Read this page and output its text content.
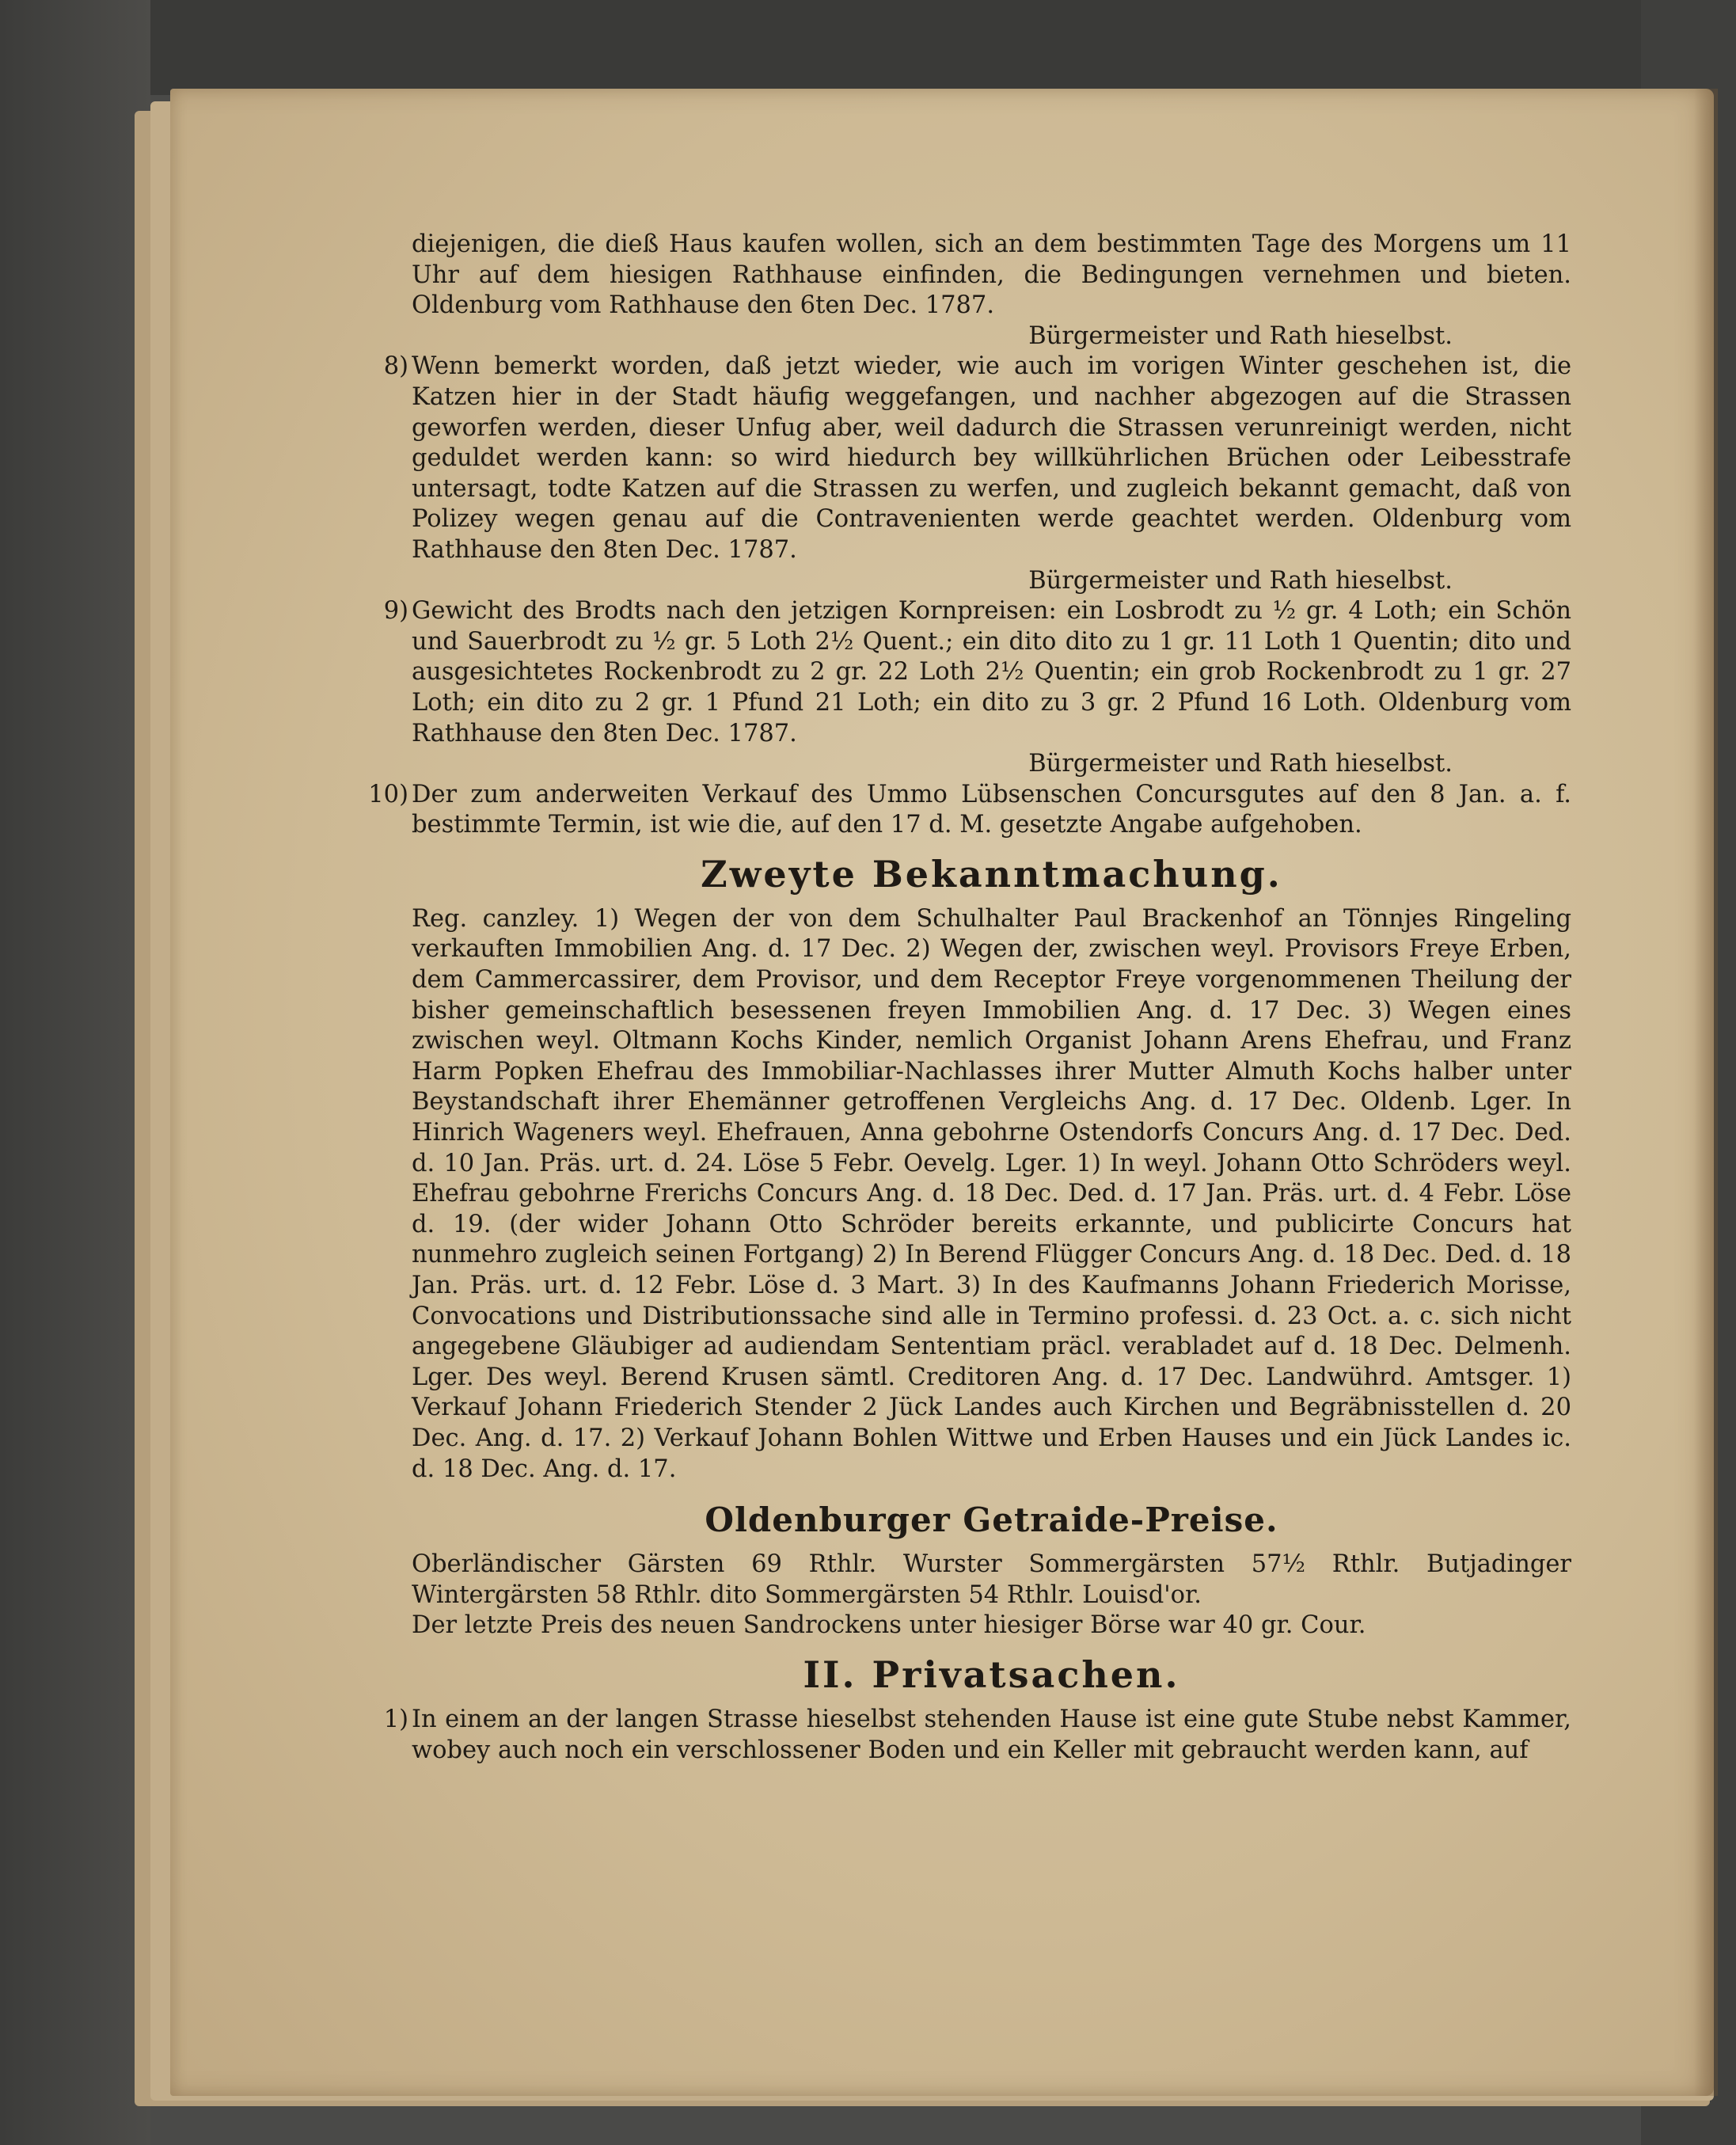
diejenigen, die dieß Haus kaufen wollen, sich an dem bestimmten Tage des Morgens um 11 Uhr auf dem hiesigen Rathhause einfinden, die Bedingungen vernehmen und bieten. Oldenburg vom Rathhause den 6ten Dec. 1787.
Bürgermeister und Rath hieselbst.

8) Wenn bemerkt worden, daß jetzt wieder, wie auch im vorigen Winter geschehen ist, die Katzen hier in der Stadt häufig weggefangen, und nachher abgezogen auf die Strassen geworfen werden, dieser Unfug aber, weil dadurch die Strassen verunreinigt werden, nicht geduldet werden kann: so wird hiedurch bey willkührlichen Brüchen oder Leibesstrafe untersagt, todte Katzen auf die Strassen zu werfen, und zugleich bekannt gemacht, daß von Polizey wegen genau auf die Contravenienten werde geachtet werden. Oldenburg vom Rathhause den 8ten Dec. 1787.

Bürgermeister und Rath hieselbst.
9) Gewicht des Brodts nach den jetzigen Kornpreisen: ein Losbrodt zu ½ gr. 4 Loth; ein Schön und Sauerbrodt zu ½ gr. 5 Loth 2½ Quent.; ein dito dito zu 1 gr. 11 Loth 1 Quentin; dito und ausgesichtetes Rockenbrodt zu 2 gr. 22 Loth 2½ Quentin; ein grob Rockenbrodt zu 1 gr. 27 Loth; ein dito zu 2 gr. 1 Pfund 21 Loth; ein dito zu 3 gr. 2 Pfund 16 Loth. Oldenburg vom Rathhause den 8ten Dec. 1787.

Bürgermeister und Rath hieselbst.
10) Der zum anderweiten Verkauf des Ummo Lübsenschen Concursgutes auf den 8 Jan. a. f. bestimmte Termin, ist wie die, auf den 17 d. M. gesetzte Angabe aufgehoben.

Zweyte Bekanntmachung.

Reg. canzley. 1) Wegen der von dem Schulhalter Paul Brackenhof an Tönnjes Ringeling verkauften Immobilien Ang. d. 17 Dec. 2) Wegen der, zwischen weyl. Provisors Freye Erben, dem Cammercassirer, dem Provisor, und dem Receptor Freye vorgenommenen Theilung der bisher gemeinschaftlich besessenen freyen Immobilien Ang. d. 17 Dec. 3) Wegen eines zwischen weyl. Oltmann Kochs Kinder, nemlich Organist Johann Arens Ehefrau, und Franz Harm Popken Ehefrau des Immobiliar-Nachlasses ihrer Mutter Almuth Kochs halber unter Beystandschaft ihrer Ehemänner getroffenen Vergleichs Ang. d. 17 Dec. Oldenb. Lger. In Hinrich Wageners weyl. Ehefrauen, Anna gebohrne Ostendorfs Concurs Ang. d. 17 Dec. Ded. d. 10 Jan. Präs. urt. d. 24. Löse 5 Febr. Oevelg. Lger. 1) In weyl. Johann Otto Schröders weyl. Ehefrau gebohrne Frerichs Concurs Ang. d. 18 Dec. Ded. d. 17 Jan. Präs. urt. d. 4 Febr. Löse d. 19. (der wider Johann Otto Schröder bereits erkannte, und publicirte Concurs hat nunmehro zugleich seinen Fortgang) 2) In Berend Flügger Concurs Ang. d. 18 Dec. Ded. d. 18 Jan. Präs. urt. d. 12 Febr. Löse d. 3 Mart. 3) In des Kaufmanns Johann Friederich Morisse, Convocations und Distributionssache sind alle in Termino professi. d. 23 Oct. a. c. sich nicht angegebene Gläubiger ad audiendam Sententiam präcl. verabladet auf d. 18 Dec. Delmenh. Lger. Des weyl. Berend Krusen sämtl. Creditoren Ang. d. 17 Dec. Landwührd. Amtsger. 1) Verkauf Johann Friederich Stender 2 Jück Landes auch Kirchen und Begräbnisstellen d. 20 Dec. Ang. d. 17. 2) Verkauf Johann Bohlen Wittwe und Erben Hauses und ein Jück Landes ic. d. 18 Dec. Ang. d. 17.

Oldenburger Getraide-Preise.

Oberländischer Gärsten 69 Rthlr. Wurster Sommergärsten 57½ Rthlr. Butjadinger Wintergärsten 58 Rthlr. dito Sommergärsten 54 Rthlr. Louisd'or.

Der letzte Preis des neuen Sandrockens unter hiesiger Börse war 40 gr. Cour.

II. Privatsachen.
1) In einem an der langen Strasse hieselbst stehenden Hause ist eine gute Stube nebst Kammer, wobey auch noch ein verschlossener Boden und ein Keller mit gebraucht werden kann, auf
